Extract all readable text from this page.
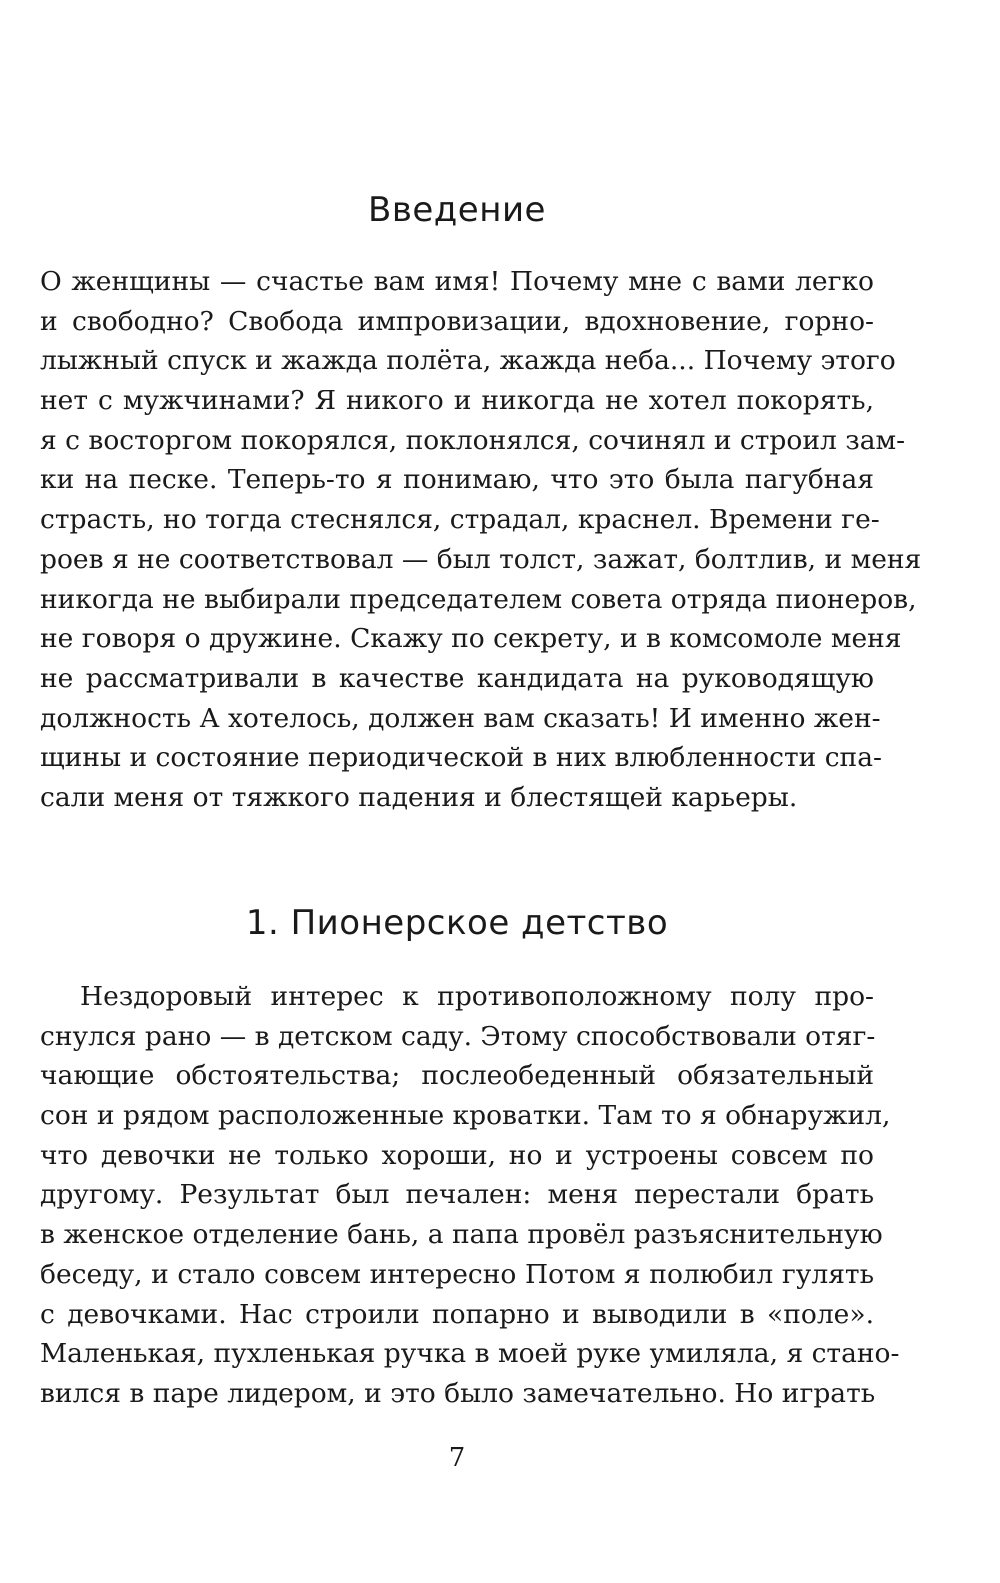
Введение

О женщины — счастье вам имя! Почему мне с вами легко
и свободно? Свобода импровизации, вдохновение, горно-
лыжный спуск и жажда полёта, жажда неба... Почему этого
нет с мужчинами? Я никого и никогда не хотел покорять,
я с восторгом покорялся, поклонялся, сочинял и строил зам-
ки на песке. Теперь-то я понимаю, что это была пагубная
страсть, но тогда стеснялся, страдал, краснел. Времени ге-
роев я не соответствовал — был толст, зажат, болтлив, и меня
никогда не выбирали председателем совета отряда пионеров,
не говоря о дружине. Скажу по секрету, и в комсомоле меня
не рассматривали в качестве кандидата на руководящую
должность А хотелось, должен вам сказать! И именно жен-
щины и состояние периодической в них влюбленности спа-
сали меня от тяжкого падения и блестящей карьеры.

1. Пионерское детство

Нездоровый интерес к противоположному полу про-
снулся рано — в детском саду. Этому способствовали отяг-
чающие обстоятельства; послеобеденный обязательный
сон и рядом расположенные кроватки. Там то я обнаружил,
что девочки не только хороши, но и устроены совсем по
другому. Результат был печален: меня перестали брать
в женское отделение бань, а папа провёл разъяснительную
беседу, и стало совсем интересно Потом я полюбил гулять
с девочками. Нас строили попарно и выводили в «поле».
Маленькая, пухленькая ручка в моей руке умиляла, я стано-
вился в паре лидером, и это было замечательно. Но играть

7
